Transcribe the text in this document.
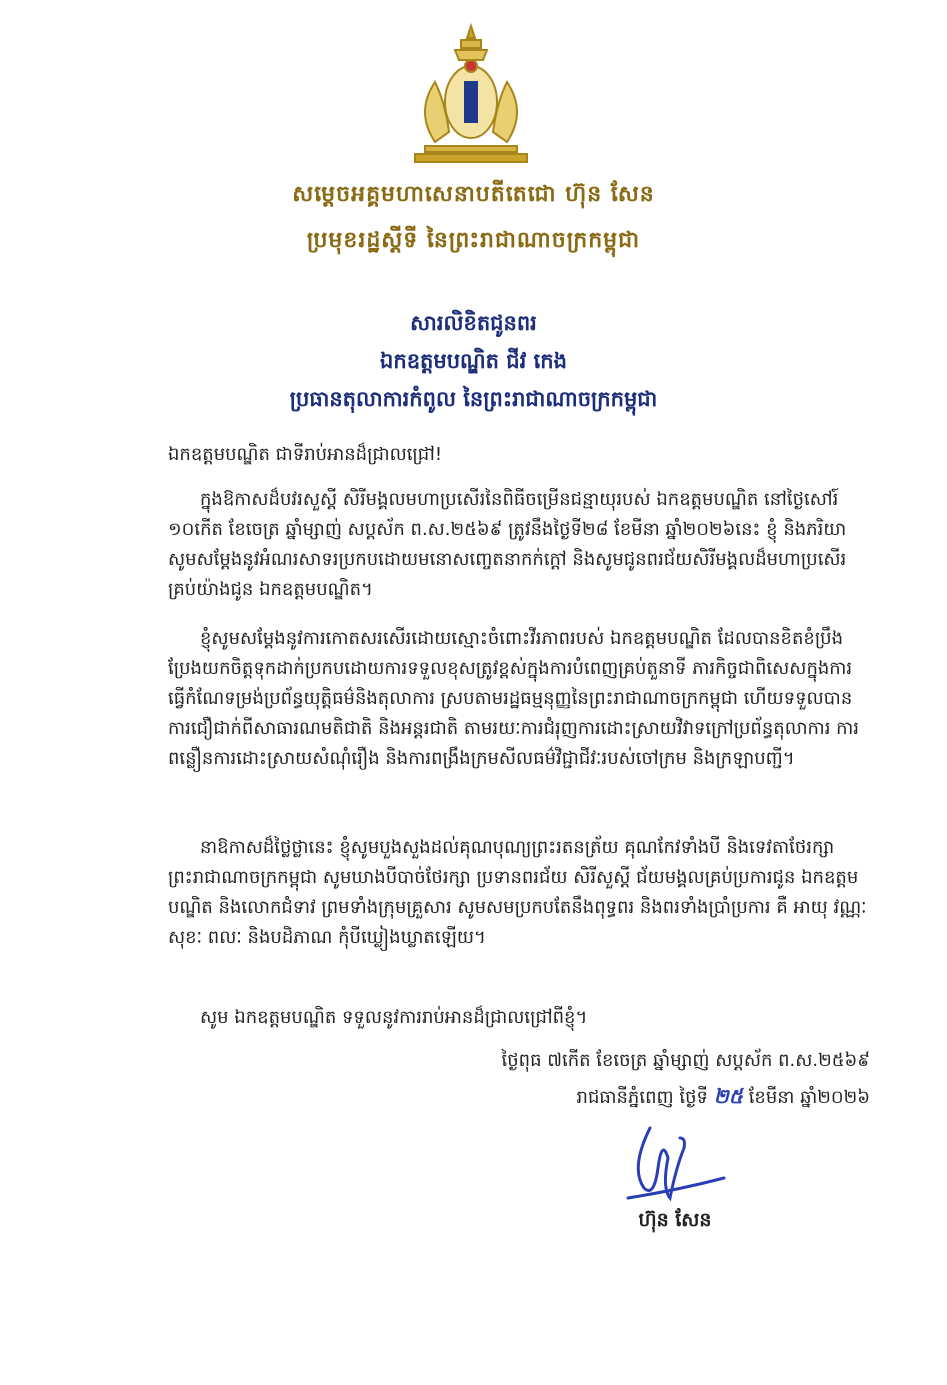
សម្តេចអគ្គមហាសេនាបតីតេជោ ហ៊ុន សែន
ប្រមុខរដ្ឋស្តីទី នៃព្រះរាជាណាចក្រកម្ពុជា
សារលិខិតជូនពរ
ឯកឧត្តមបណ្ឌិត ជីវ កេង
ប្រធានតុលាការកំពូល នៃព្រះរាជាណាចក្រកម្ពុជា
ឯកឧត្តមបណ្ឌិត ជាទីរាប់អានដ៏ជ្រាលជ្រៅ!
ក្នុងឱកាសដ៏បវរសួស្តី សិរីមង្គលមហាប្រសើរនៃពិធីចម្រើនជន្មាយុរបស់ ឯកឧត្តមបណ្ឌិត នៅថ្ងៃសៅរ៍ ១០កើត ខែចេត្រ ឆ្នាំម្សាញ់ សប្តស័ក ព.ស.២៥៦៩ ត្រូវនឹងថ្ងៃទី២៨ ខែមីនា ឆ្នាំ២០២៦នេះ ខ្ញុំ និងភរិយា សូមសម្តែងនូវអំណរសាទរប្រកបដោយមនោសញ្ចេតនាកក់ក្តៅ និងសូមជូនពរជ័យសិរីមង្គលដ៏មហាប្រសើរគ្រប់យ៉ាងជូន ឯកឧត្តមបណ្ឌិត។
ខ្ញុំសូមសម្តែងនូវការកោតសរសើរដោយស្មោះចំពោះវីរភាពរបស់ ឯកឧត្តមបណ្ឌិត ដែលបានខិតខំប្រឹងប្រែងយកចិត្តទុកដាក់ប្រកបដោយការទទួលខុសត្រូវខ្ពស់ក្នុងការបំពេញគ្រប់តួនាទី ភារកិច្ចជាពិសេសក្នុងការធ្វើកំណែទម្រង់ប្រព័ន្ធយុត្តិធម៌និងតុលាការ ស្របតាមរដ្ឋធម្មនុញ្ញនៃព្រះរាជាណាចក្រកម្ពុជា ហើយទទួលបានការជឿជាក់ពីសាធារណមតិជាតិ និងអន្តរជាតិ តាមរយៈការជំរុញការដោះស្រាយវិវាទក្រៅប្រព័ន្ធតុលាការ ការពន្លឿនការដោះស្រាយសំណុំរឿង និងការពង្រឹងក្រមសីលធម៌វិជ្ជាជីវៈរបស់ចៅក្រម និងក្រឡាបញ្ជី។
នាឱកាសដ៏ថ្លៃថ្លានេះ ខ្ញុំសូមបួងសួងដល់គុណបុណ្យព្រះរតនត្រ័យ គុណកែវទាំងបី និងទេវតាថែរក្សាព្រះរាជាណាចក្រកម្ពុជា សូមឃាងបីបាច់ថែរក្សា ប្រទានពរជ័យ សិរីសួស្តី ជ័យមង្គលគ្រប់ប្រការជូន ឯកឧត្តមបណ្ឌិត និងលោកជំទាវ ព្រមទាំងក្រុមគ្រួសារ សូមសមប្រកបតែនឹងពុទ្ធពរ និងពរទាំងប្រាំប្រការ គឺ អាយុ វណ្ណៈ សុខៈ ពលៈ និងបដិភាណ កុំបីឃ្លៀងឃ្លាតឡើយ។
សូម ឯកឧត្តមបណ្ឌិត ទទួលនូវការរាប់អានដ៏ជ្រាលជ្រៅពីខ្ញុំ។
ថ្ងៃពុធ ៧កើត ខែចេត្រ ឆ្នាំម្សាញ់ សប្តស័ក ព.ស.២៥៦៩
រាជធានីភ្នំពេញ ថ្ងៃទី ២៥ ខែមីនា ឆ្នាំ២០២៦
ហ៊ុន សែន
